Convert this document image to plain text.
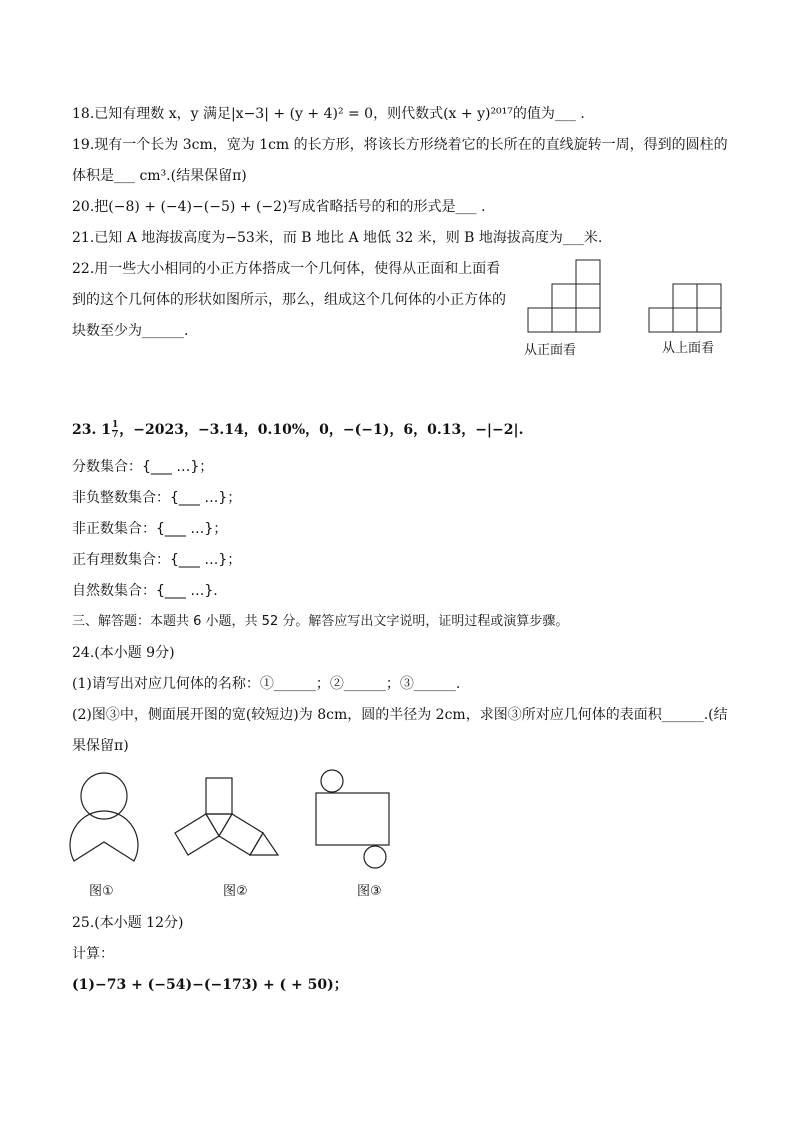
18.已知有理数 x，y 满足|x−3| + (y + 4)² = 0，则代数式(x + y)²⁰¹⁷的值为___ .
19.现有一个长为 3cm，宽为 1cm 的长方形，将该长方形绕着它的长所在的直线旋转一周，得到的圆柱的
体积是___ cm³.(结果保留π)
20.把(−8) + (−4)−(−5) + (−2)写成省略括号的和的形式是___ .
21.已知 A 地海拔高度为−53米，而 B 地比 A 地低 32 米，则 B 地海拔高度为___米.
22.用一些大小相同的小正方体搭成一个几何体，使得从正面和上面看
到的这个几何体的形状如图所示，那么，组成这个几何体的小正方体的
块数至少为______.
从正面看	从上面看
23. $1 \frac{1}{7}$ ，−2023，−3.14，0.10%，0，−(−1)，6，0.13，−|−2|.
分数集合：{___ …}；
非负整数集合：{___ …}；
非正数集合：{___ …}；
正有理数集合：{___ …}；
自然数集合：{___ …}.
三、解答题：本题共 6 小题，共 52 分。解答应写出文字说明，证明过程或演算步骤。
24.(本小题 9分)
(1)请写出对应几何体的名称：①______；②______；③______.
(2)图③中，侧面展开图的宽(较短边)为 8cm，圆的半径为 2cm，求图③所对应几何体的表面积______.(结
果保留π)
图①	图②	图③
25.(本小题 12分)
计算：
(1)−73 + (−54)−(−173) + ( + 50)；
